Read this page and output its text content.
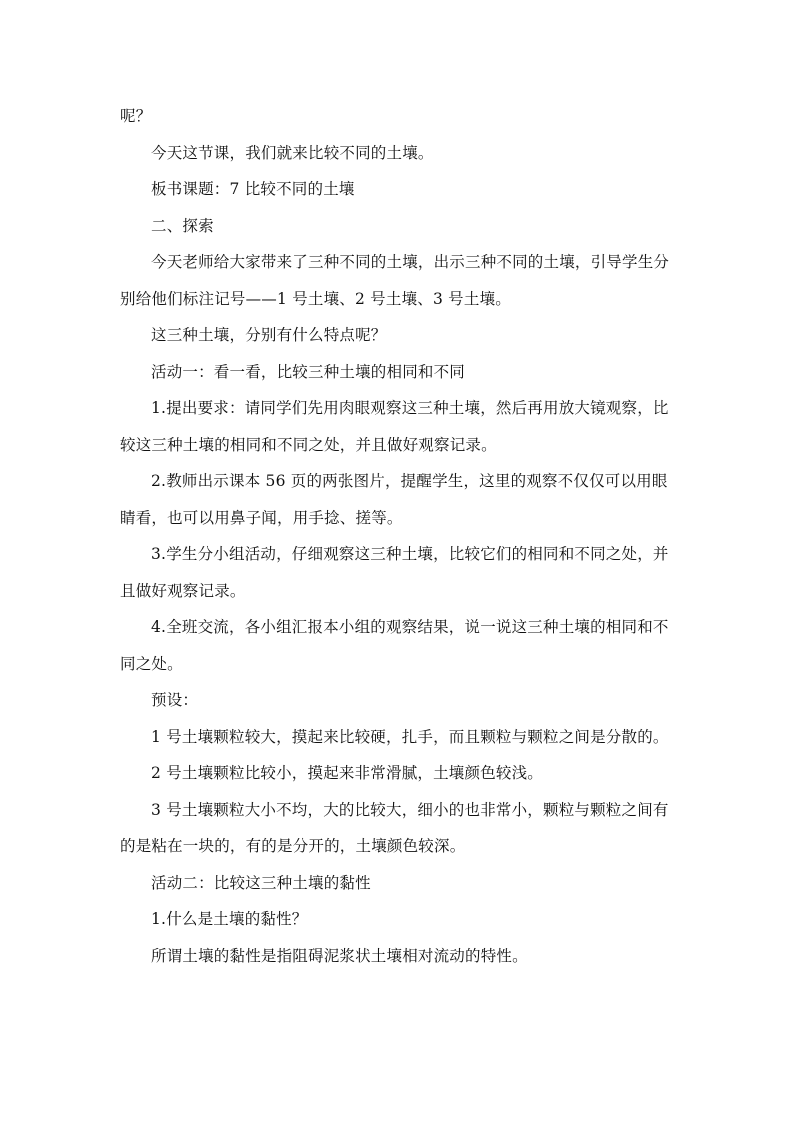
呢？

今天这节课，我们就来比较不同的土壤。

板书课题：7 比较不同的土壤

二、探索

今天老师给大家带来了三种不同的土壤，出示三种不同的土壤，引导学生分别给他们标注记号——1 号土壤、2 号土壤、3 号土壤。

这三种土壤，分别有什么特点呢？

活动一：看一看，比较三种土壤的相同和不同

1.提出要求：请同学们先用肉眼观察这三种土壤，然后再用放大镜观察，比较这三种土壤的相同和不同之处，并且做好观察记录。

2.教师出示课本 56 页的两张图片，提醒学生，这里的观察不仅仅可以用眼睛看，也可以用鼻子闻，用手捻、搓等。

3.学生分小组活动，仔细观察这三种土壤，比较它们的相同和不同之处，并且做好观察记录。

4.全班交流，各小组汇报本小组的观察结果，说一说这三种土壤的相同和不同之处。

预设：

1 号土壤颗粒较大，摸起来比较硬，扎手，而且颗粒与颗粒之间是分散的。

2 号土壤颗粒比较小，摸起来非常滑腻，土壤颜色较浅。

3 号土壤颗粒大小不均，大的比较大，细小的也非常小，颗粒与颗粒之间有的是粘在一块的，有的是分开的，土壤颜色较深。

活动二：比较这三种土壤的黏性

1.什么是土壤的黏性？

所谓土壤的黏性是指阻碍泥浆状土壤相对流动的特性。
